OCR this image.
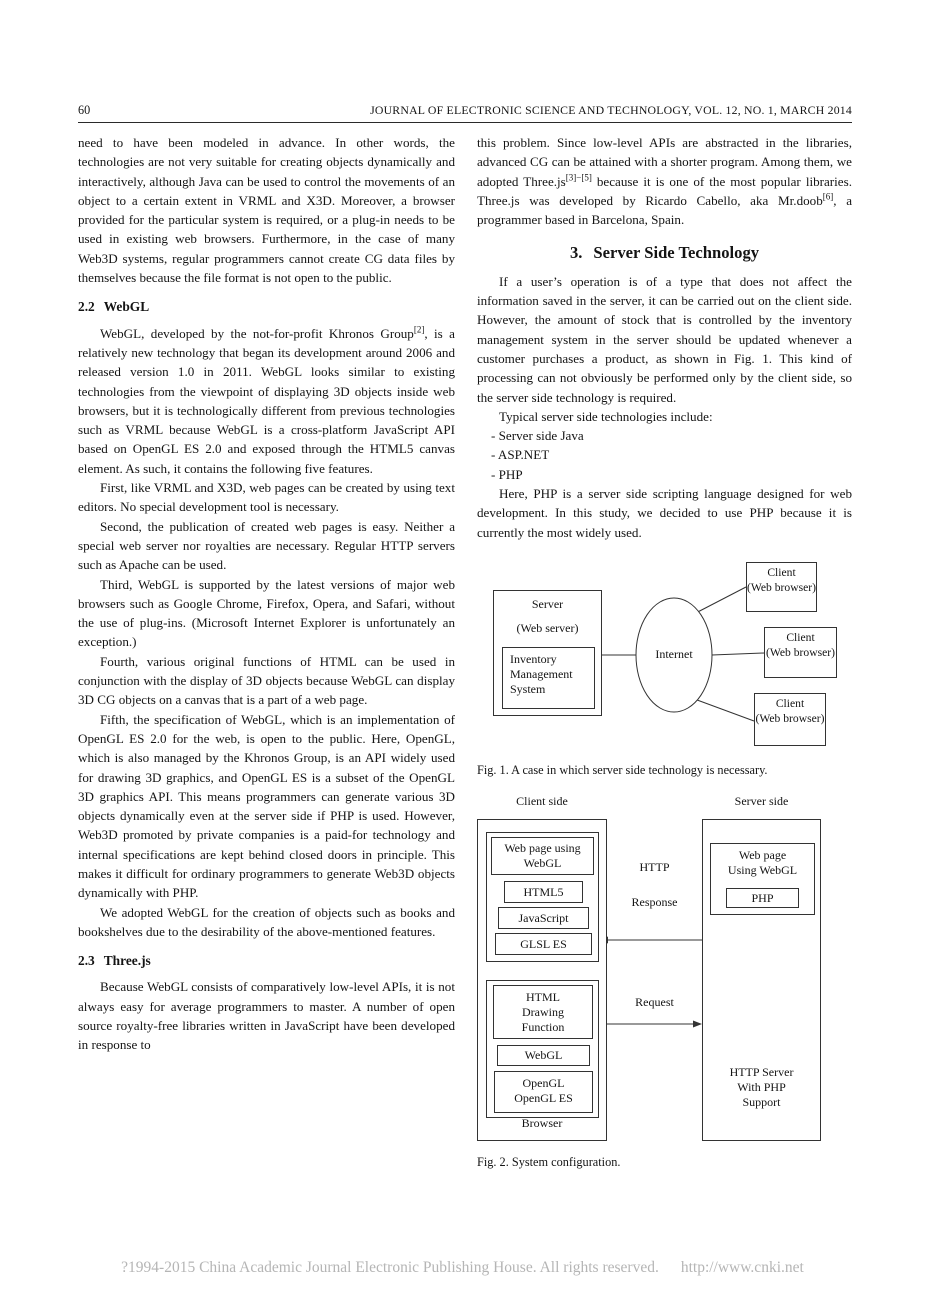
60	JOURNAL OF ELECTRONIC SCIENCE AND TECHNOLOGY, VOL. 12, NO. 1, MARCH 2014

need to have been modeled in advance. In other words, the technologies are not very suitable for creating objects dynamically and interactively, although Java can be used to control the movements of an object to a certain extent in VRML and X3D. Moreover, a browser provided for the particular system is required, or a plug-in needs to be used in existing web browsers. Furthermore, in the case of many Web3D systems, regular programmers cannot create CG data files by themselves because the file format is not open to the public.

2.2 WebGL

WebGL, developed by the not-for-profit Khronos Group[2], is a relatively new technology that began its development around 2006 and released version 1.0 in 2011. WebGL looks similar to existing technologies from the viewpoint of displaying 3D objects inside web browsers, but it is technologically different from previous technologies such as VRML because WebGL is a cross-platform JavaScript API based on OpenGL ES 2.0 and exposed through the HTML5 canvas element. As such, it contains the following five features.

First, like VRML and X3D, web pages can be created by using text editors. No special development tool is necessary.

Second, the publication of created web pages is easy. Neither a special web server nor royalties are necessary. Regular HTTP servers such as Apache can be used.

Third, WebGL is supported by the latest versions of major web browsers such as Google Chrome, Firefox, Opera, and Safari, without the use of plug-ins. (Microsoft Internet Explorer is unfortunately an exception.)

Fourth, various original functions of HTML can be used in conjunction with the display of 3D objects because WebGL can display 3D CG objects on a canvas that is a part of a web page.

Fifth, the specification of WebGL, which is an implementation of OpenGL ES 2.0 for the web, is open to the public. Here, OpenGL, which is also managed by the Khronos Group, is an API widely used for drawing 3D graphics, and OpenGL ES is a subset of the OpenGL 3D graphics API. This means programmers can generate various 3D objects dynamically even at the server side if PHP is used. However, Web3D promoted by private companies is a paid-for technology and internal specifications are kept behind closed doors in principle. This makes it difficult for ordinary programmers to generate Web3D objects dynamically with PHP.

We adopted WebGL for the creation of objects such as books and bookshelves due to the desirability of the above-mentioned features.

2.3 Three.js

Because WebGL consists of comparatively low-level APIs, it is not always easy for average programmers to master. A number of open source royalty-free libraries written in JavaScript have been developed in response to

this problem. Since low-level APIs are abstracted in the libraries, advanced CG can be attained with a shorter program. Among them, we adopted Three.js[3]−[5] because it is one of the most popular libraries. Three.js was developed by Ricardo Cabello, aka Mr.doob[6], a programmer based in Barcelona, Spain.

3. Server Side Technology

If a user’s operation is of a type that does not affect the information saved in the server, it can be carried out on the client side. However, the amount of stock that is controlled by the inventory management system in the server should be updated whenever a customer purchases a product, as shown in Fig. 1. This kind of processing can not obviously be performed only by the client side, so the server side technology is required.

Typical server side technologies include:

- Server side Java
- ASP.NET
- PHP

Here, PHP is a server side scripting language designed for web development. In this study, we decided to use PHP because it is currently the most widely used.

Server
(Web server)
Inventory Management System
Internet
Client
(Web browser)
Client
(Web browser)
Client
(Web browser)

Fig. 1. A case in which server side technology is necessary.

Client side	Server side
Web page using WebGL
HTML5
JavaScript
GLSL ES
HTML Drawing Function
WebGL
OpenGL
OpenGL ES
Browser
Web page
Using WebGL
PHP
HTTP Server With PHP Support
HTTP
Response
Request

Fig. 2. System configuration.

?1994-2015 China Academic Journal Electronic Publishing House. All rights reserved. http://www.cnki.net
